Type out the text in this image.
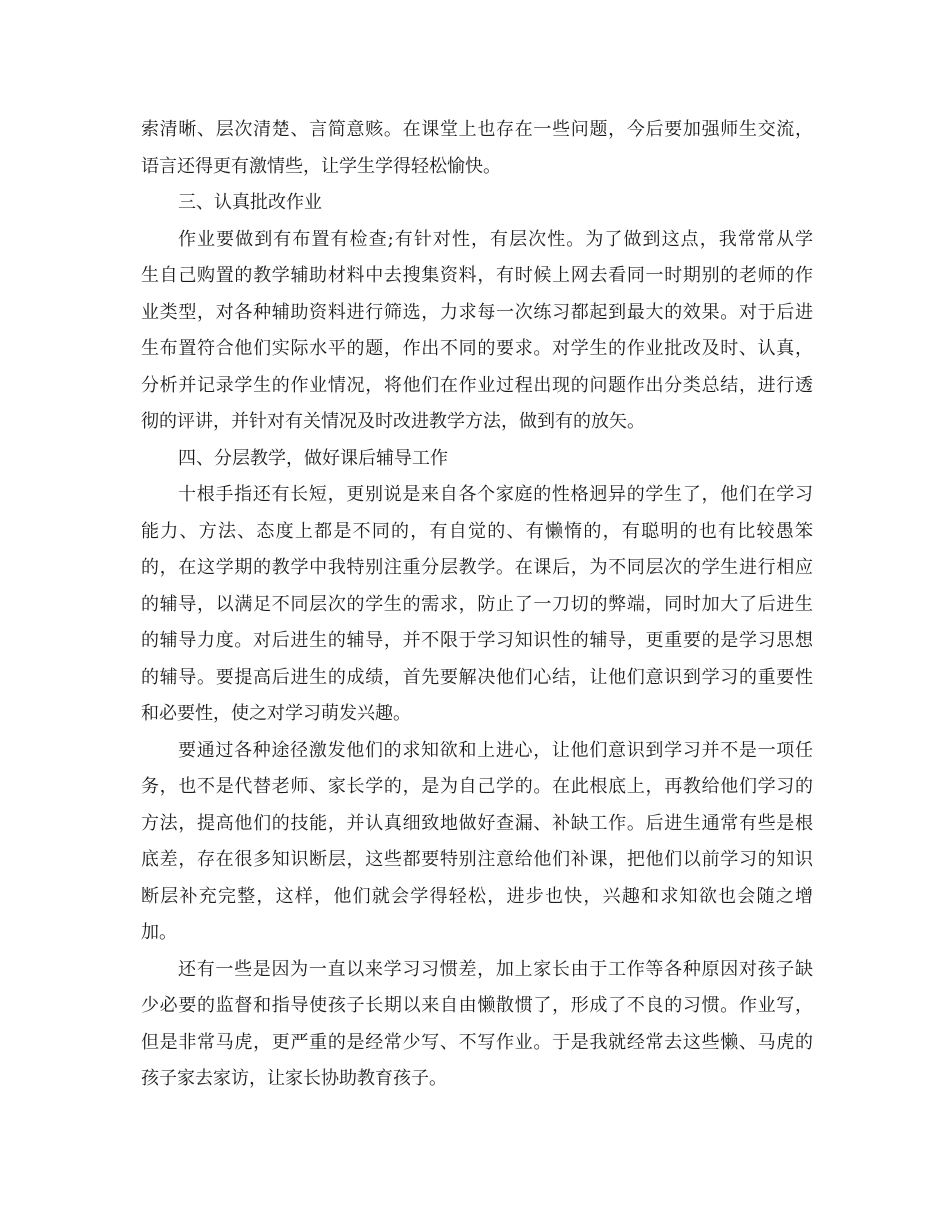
索清晰、层次清楚、言简意赅。在课堂上也存在一些问题，今后要加强师生交流，
语言还得更有激情些，让学生学得轻松愉快。
三、认真批改作业
作业要做到有布置有检查;有针对性，有层次性。为了做到这点，我常常从学
生自己购置的教学辅助材料中去搜集资料，有时候上网去看同一时期别的老师的作
业类型，对各种辅助资料进行筛选，力求每一次练习都起到最大的效果。对于后进
生布置符合他们实际水平的题，作出不同的要求。对学生的作业批改及时、认真，
分析并记录学生的作业情况，将他们在作业过程出现的问题作出分类总结，进行透
彻的评讲，并针对有关情况及时改进教学方法，做到有的放矢。
四、分层教学，做好课后辅导工作
十根手指还有长短，更别说是来自各个家庭的性格迥异的学生了，他们在学习
能力、方法、态度上都是不同的，有自觉的、有懒惰的，有聪明的也有比较愚笨
的，在这学期的教学中我特别注重分层教学。在课后，为不同层次的学生进行相应
的辅导，以满足不同层次的学生的需求，防止了一刀切的弊端，同时加大了后进生
的辅导力度。对后进生的辅导，并不限于学习知识性的辅导，更重要的是学习思想
的辅导。要提高后进生的成绩，首先要解决他们心结，让他们意识到学习的重要性
和必要性，使之对学习萌发兴趣。
要通过各种途径激发他们的求知欲和上进心，让他们意识到学习并不是一项任
务，也不是代替老师、家长学的，是为自己学的。在此根底上，再教给他们学习的
方法，提高他们的技能，并认真细致地做好查漏、补缺工作。后进生通常有些是根
底差，存在很多知识断层，这些都要特别注意给他们补课，把他们以前学习的知识
断层补充完整，这样，他们就会学得轻松，进步也快，兴趣和求知欲也会随之增
加。
还有一些是因为一直以来学习习惯差，加上家长由于工作等各种原因对孩子缺
少必要的监督和指导使孩子长期以来自由懒散惯了，形成了不良的习惯。作业写，
但是非常马虎，更严重的是经常少写、不写作业。于是我就经常去这些懒、马虎的
孩子家去家访，让家长协助教育孩子。
